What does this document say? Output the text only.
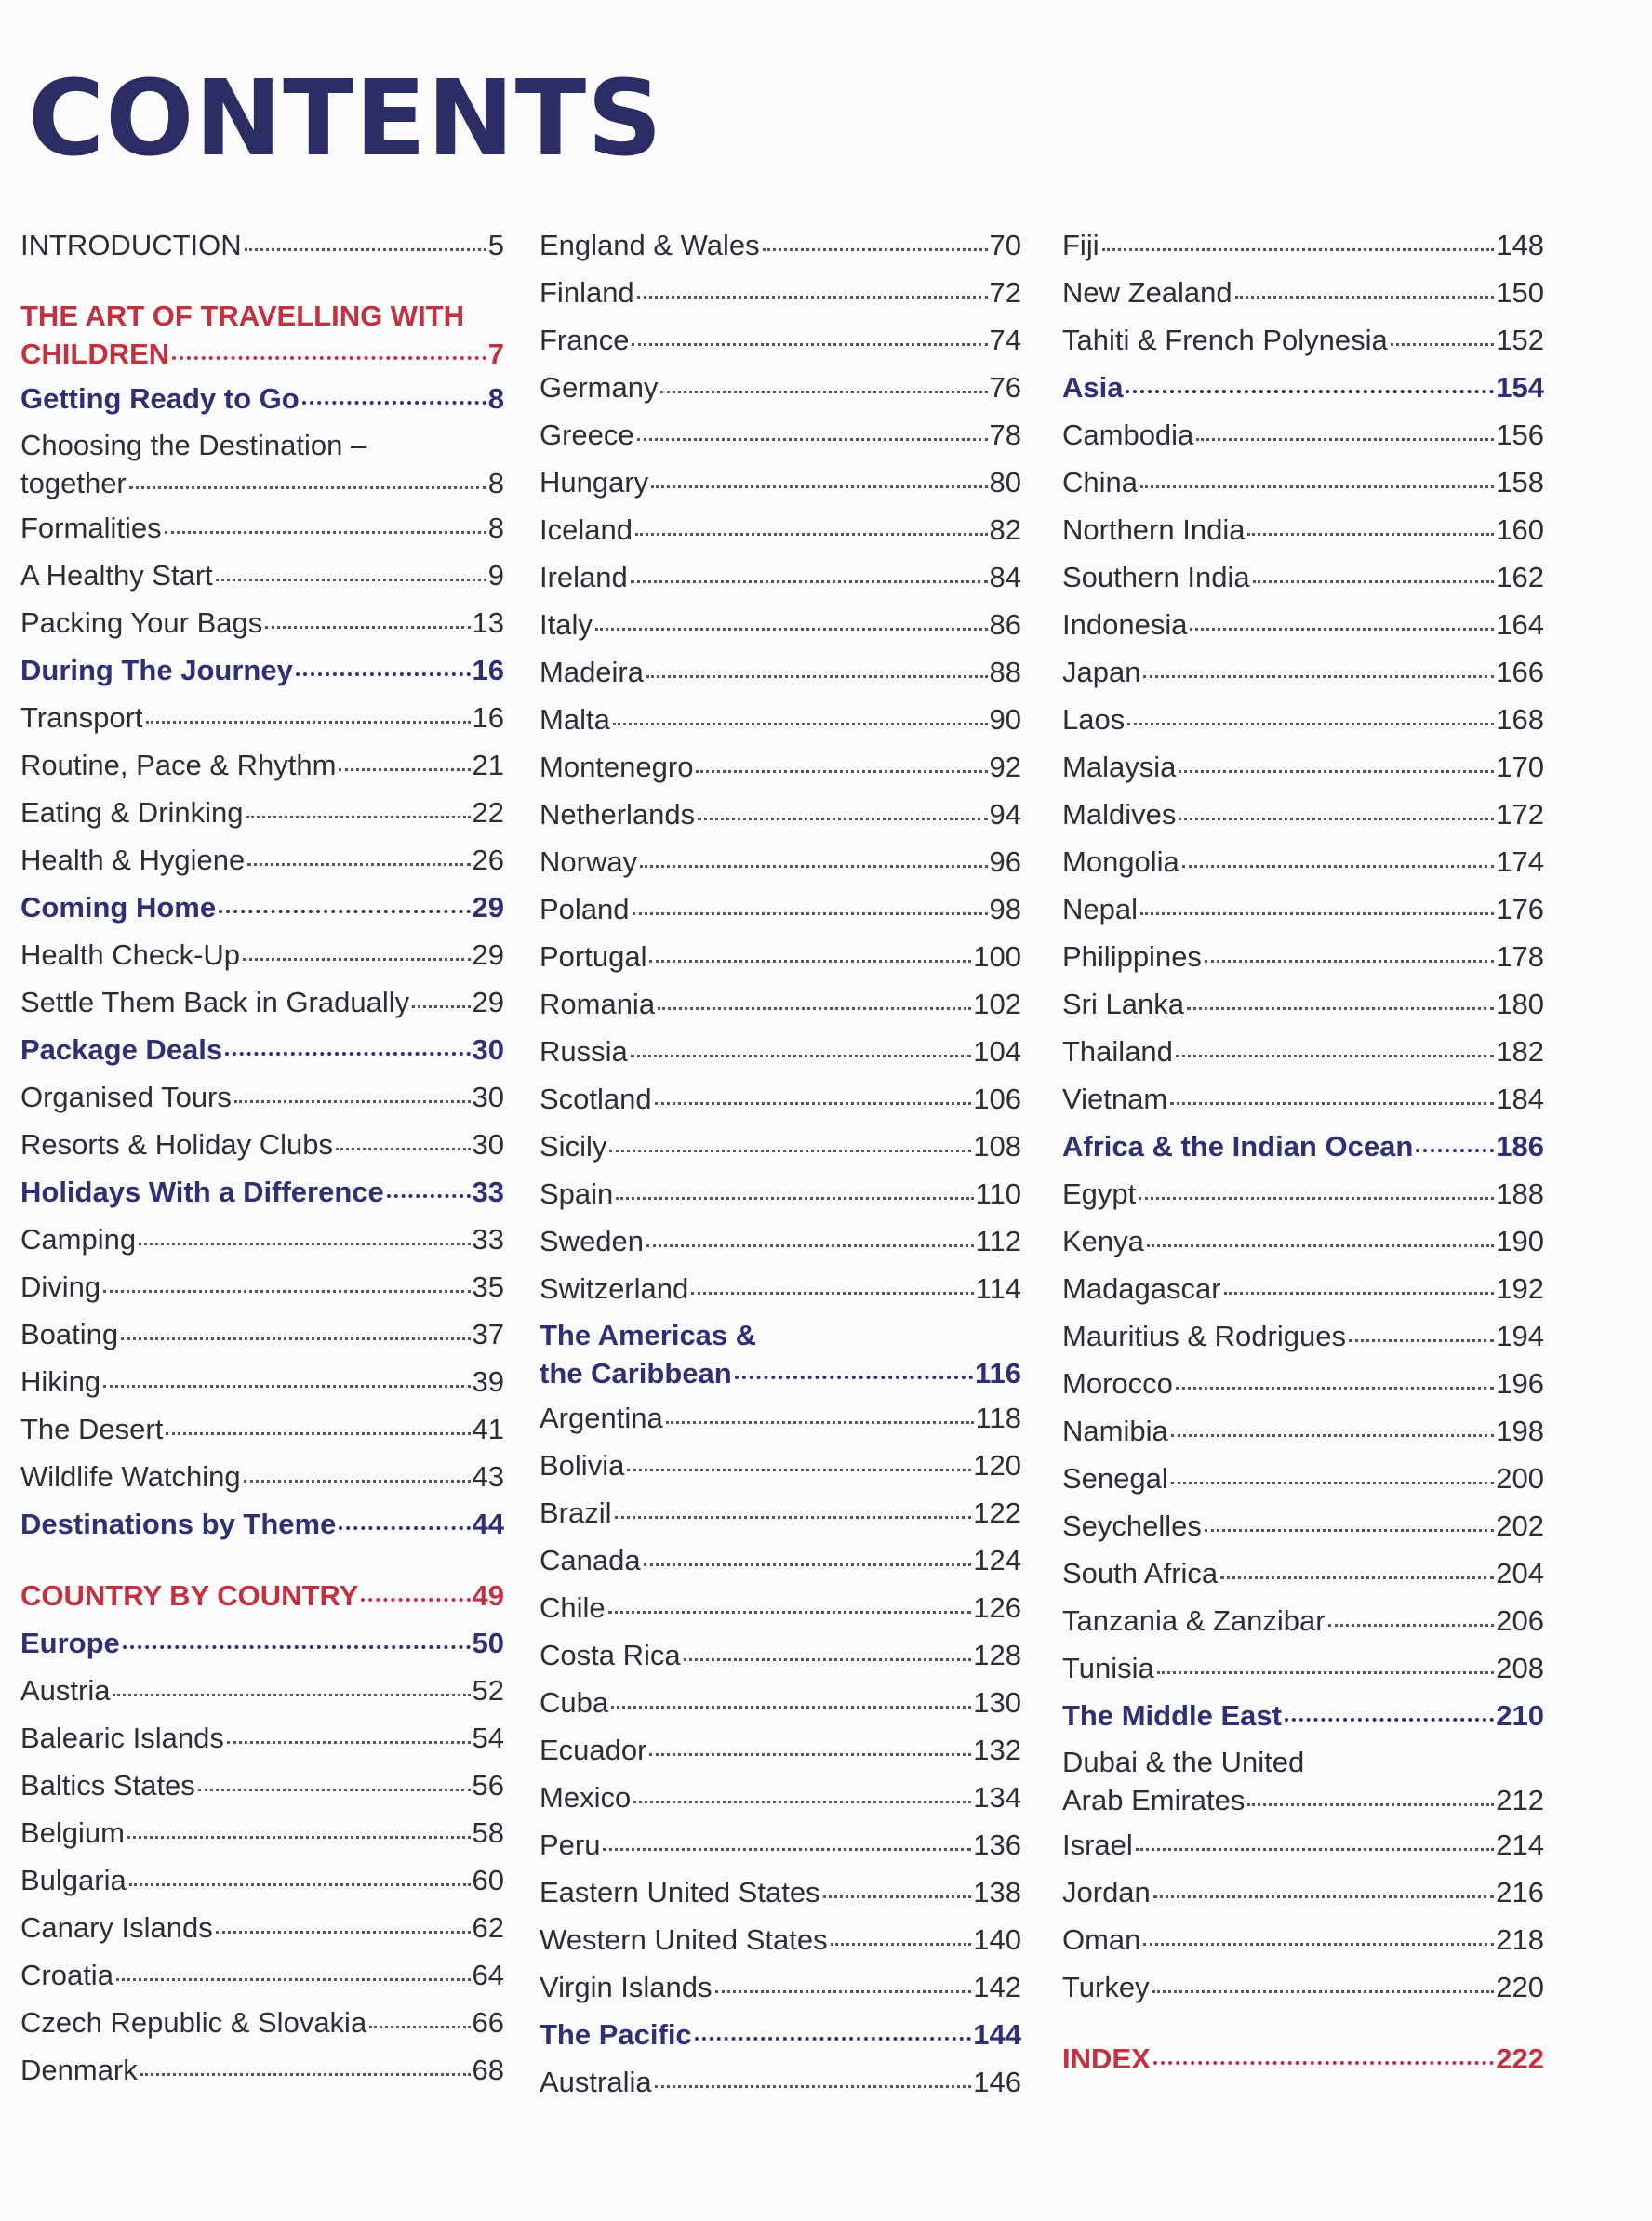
CONTENTS
INTRODUCTION	5
THE ART OF TRAVELLING WITH
CHILDREN	7
Getting Ready to Go	8
Choosing the Destination –
together	8
Formalities	8
A Healthy Start	9
Packing Your Bags	13
During The Journey	16
Transport	16
Routine, Pace & Rhythm	21
Eating & Drinking	22
Health & Hygiene	26
Coming Home	29
Health Check-Up	29
Settle Them Back in Gradually 29
Package Deals	30
Organised Tours	30
Resorts & Holiday Clubs	30
Holidays With a Difference	33
Camping	33
Diving	35
Boating	37
Hiking	39
The Desert	41
Wildlife Watching	43
Destinations by Theme	44
COUNTRY BY COUNTRY	49
Europe	50
Austria	52
Balearic Islands	54
Baltics States	56
Belgium	58
Bulgaria	60
Canary Islands	62
Croatia	64
Czech Republic & Slovakia	66
Denmark	68
England & Wales	70
Finland	72
France	74
Germany	76
Greece	78
Hungary	80
Iceland	82
Ireland	84
Italy	86
Madeira	88
Malta	90
Montenegro	92
Netherlands	94
Norway	96
Poland	98
Portugal	100
Romania	102
Russia	104
Scotland	106
Sicily	108
Spain	110
Sweden	112
Switzerland	114
The Americas &
the Caribbean	116
Argentina	118
Bolivia	120
Brazil	122
Canada	124
Chile	126
Costa Rica	128
Cuba	130
Ecuador	132
Mexico	134
Peru	136
Eastern United States	138
Western United States	140
Virgin Islands	142
The Pacific	144
Australia	146
Fiji	148
New Zealand	150
Tahiti & French Polynesia	152
Asia	154
Cambodia	156
China	158
Northern India	160
Southern India	162
Indonesia	164
Japan	166
Laos	168
Malaysia	170
Maldives	172
Mongolia	174
Nepal	176
Philippines	178
Sri Lanka	180
Thailand	182
Vietnam	184
Africa & the Indian Ocean	186
Egypt	188
Kenya	190
Madagascar	192
Mauritius & Rodrigues	194
Morocco	196
Namibia	198
Senegal	200
Seychelles	202
South Africa	204
Tanzania & Zanzibar	206
Tunisia	208
The Middle East	210
Dubai & the United
Arab Emirates	212
Israel	214
Jordan	216
Oman	218
Turkey	220
INDEX	222
